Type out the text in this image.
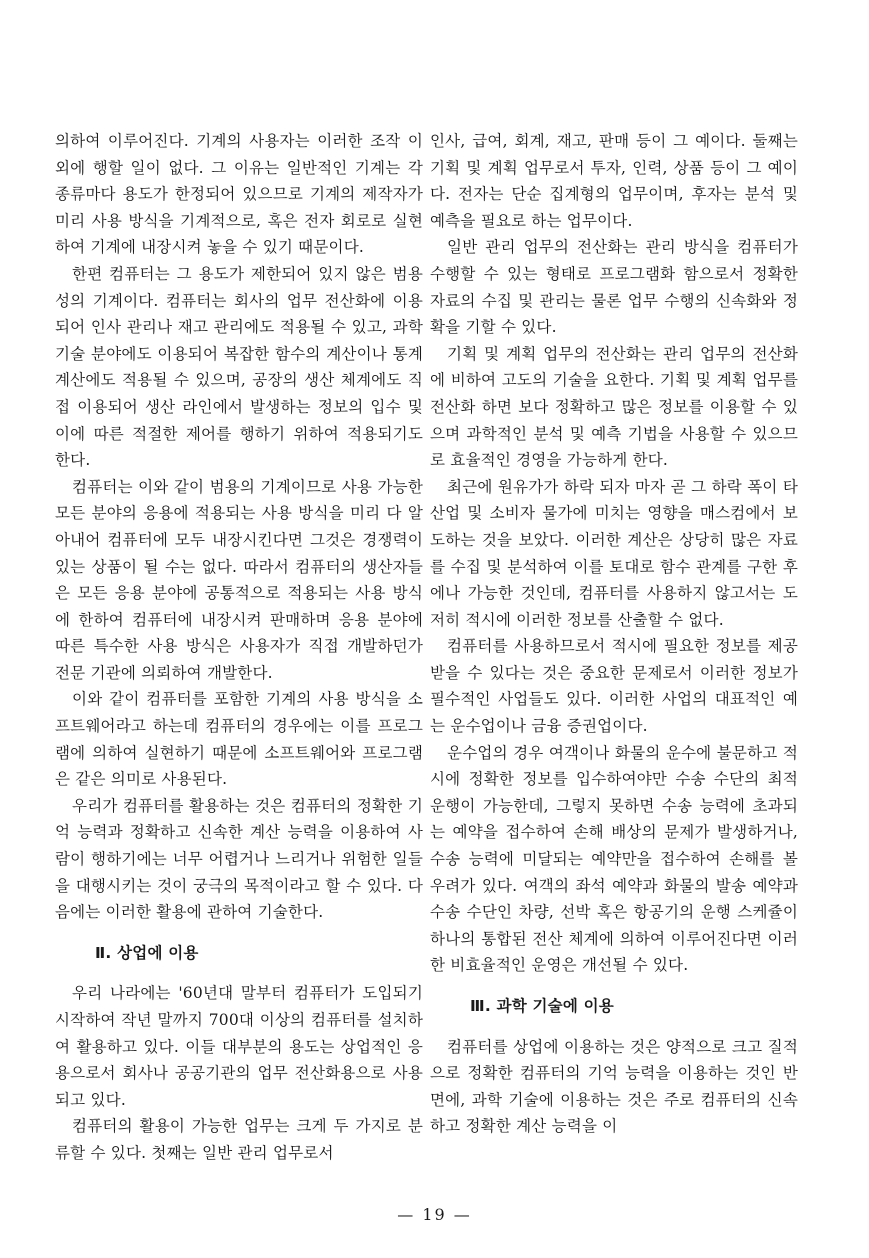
의하여 이루어진다. 기계의 사용자는 이러한 조작 이외에 행할 일이 없다. 그 이유는 일반적인 기계는 각 종류마다 용도가 한정되어 있으므로 기계의 제작자가 미리 사용 방식을 기계적으로, 혹은 전자 회로로 실현하여 기계에 내장시켜 놓을 수 있기 때문이다.

한편 컴퓨터는 그 용도가 제한되어 있지 않은 범용성의 기계이다. 컴퓨터는 회사의 업무 전산화에 이용되어 인사 관리나 재고 관리에도 적용될 수 있고, 과학 기술 분야에도 이용되어 복잡한 함수의 계산이나 통계 계산에도 적용될 수 있으며, 공장의 생산 체계에도 직접 이용되어 생산 라인에서 발생하는 정보의 입수 및 이에 따른 적절한 제어를 행하기 위하여 적용되기도 한다.

컴퓨터는 이와 같이 범용의 기계이므로 사용 가능한 모든 분야의 응용에 적용되는 사용 방식을 미리 다 알아내어 컴퓨터에 모두 내장시킨다면 그것은 경쟁력이 있는 상품이 될 수는 없다. 따라서 컴퓨터의 생산자들은 모든 응용 분야에 공통적으로 적용되는 사용 방식에 한하여 컴퓨터에 내장시켜 판매하며 응용 분야에 따른 특수한 사용 방식은 사용자가 직접 개발하던가 전문 기관에 의뢰하여 개발한다.

이와 같이 컴퓨터를 포함한 기계의 사용 방식을 소프트웨어라고 하는데 컴퓨터의 경우에는 이를 프로그램에 의하여 실현하기 때문에 소프트웨어와 프로그램은 같은 의미로 사용된다.

우리가 컴퓨터를 활용하는 것은 컴퓨터의 정확한 기억 능력과 정확하고 신속한 계산 능력을 이용하여 사람이 행하기에는 너무 어렵거나 느리거나 위험한 일들을 대행시키는 것이 궁극의 목적이라고 할 수 있다. 다음에는 이러한 활용에 관하여 기술한다.

Ⅱ. 상업에 이용

우리 나라에는 '60년대 말부터 컴퓨터가 도입되기 시작하여 작년 말까지 700대 이상의 컴퓨터를 설치하여 활용하고 있다. 이들 대부분의 용도는 상업적인 응용으로서 회사나 공공기관의 업무 전산화용으로 사용되고 있다.

컴퓨터의 활용이 가능한 업무는 크게 두 가지로 분류할 수 있다. 첫째는 일반 관리 업무로서

인사, 급여, 회계, 재고, 판매 등이 그 예이다. 둘째는 기획 및 계획 업무로서 투자, 인력, 상품 등이 그 예이다. 전자는 단순 집계형의 업무이며, 후자는 분석 및 예측을 필요로 하는 업무이다.

일반 관리 업무의 전산화는 관리 방식을 컴퓨터가 수행할 수 있는 형태로 프로그램화 함으로서 정확한 자료의 수집 및 관리는 물론 업무 수행의 신속화와 정확을 기할 수 있다.

기획 및 계획 업무의 전산화는 관리 업무의 전산화에 비하여 고도의 기술을 요한다. 기획 및 계획 업무를 전산화 하면 보다 정확하고 많은 정보를 이용할 수 있으며 과학적인 분석 및 예측 기법을 사용할 수 있으므로 효율적인 경영을 가능하게 한다.

최근에 원유가가 하락 되자 마자 곧 그 하락 폭이 타 산업 및 소비자 물가에 미치는 영향을 매스컴에서 보도하는 것을 보았다. 이러한 계산은 상당히 많은 자료를 수집 및 분석하여 이를 토대로 함수 관계를 구한 후에나 가능한 것인데, 컴퓨터를 사용하지 않고서는 도저히 적시에 이러한 정보를 산출할 수 없다.

컴퓨터를 사용하므로서 적시에 필요한 정보를 제공받을 수 있다는 것은 중요한 문제로서 이러한 정보가 필수적인 사업들도 있다. 이러한 사업의 대표적인 예는 운수업이나 금융 증권업이다.

운수업의 경우 여객이나 화물의 운수에 불문하고 적시에 정확한 정보를 입수하여야만 수송 수단의 최적 운행이 가능한데, 그렇지 못하면 수송 능력에 초과되는 예약을 접수하여 손해 배상의 문제가 발생하거나, 수송 능력에 미달되는 예약만을 접수하여 손해를 볼 우려가 있다. 여객의 좌석 예약과 화물의 발송 예약과 수송 수단인 차량, 선박 혹은 항공기의 운행 스케쥴이 하나의 통합된 전산 체계에 의하여 이루어진다면 이러한 비효율적인 운영은 개선될 수 있다.

Ⅲ. 과학 기술에 이용

컴퓨터를 상업에 이용하는 것은 양적으로 크고 질적으로 정확한 컴퓨터의 기억 능력을 이용하는 것인 반면에, 과학 기술에 이용하는 것은 주로 컴퓨터의 신속하고 정확한 계산 능력을 이

— 19 —
